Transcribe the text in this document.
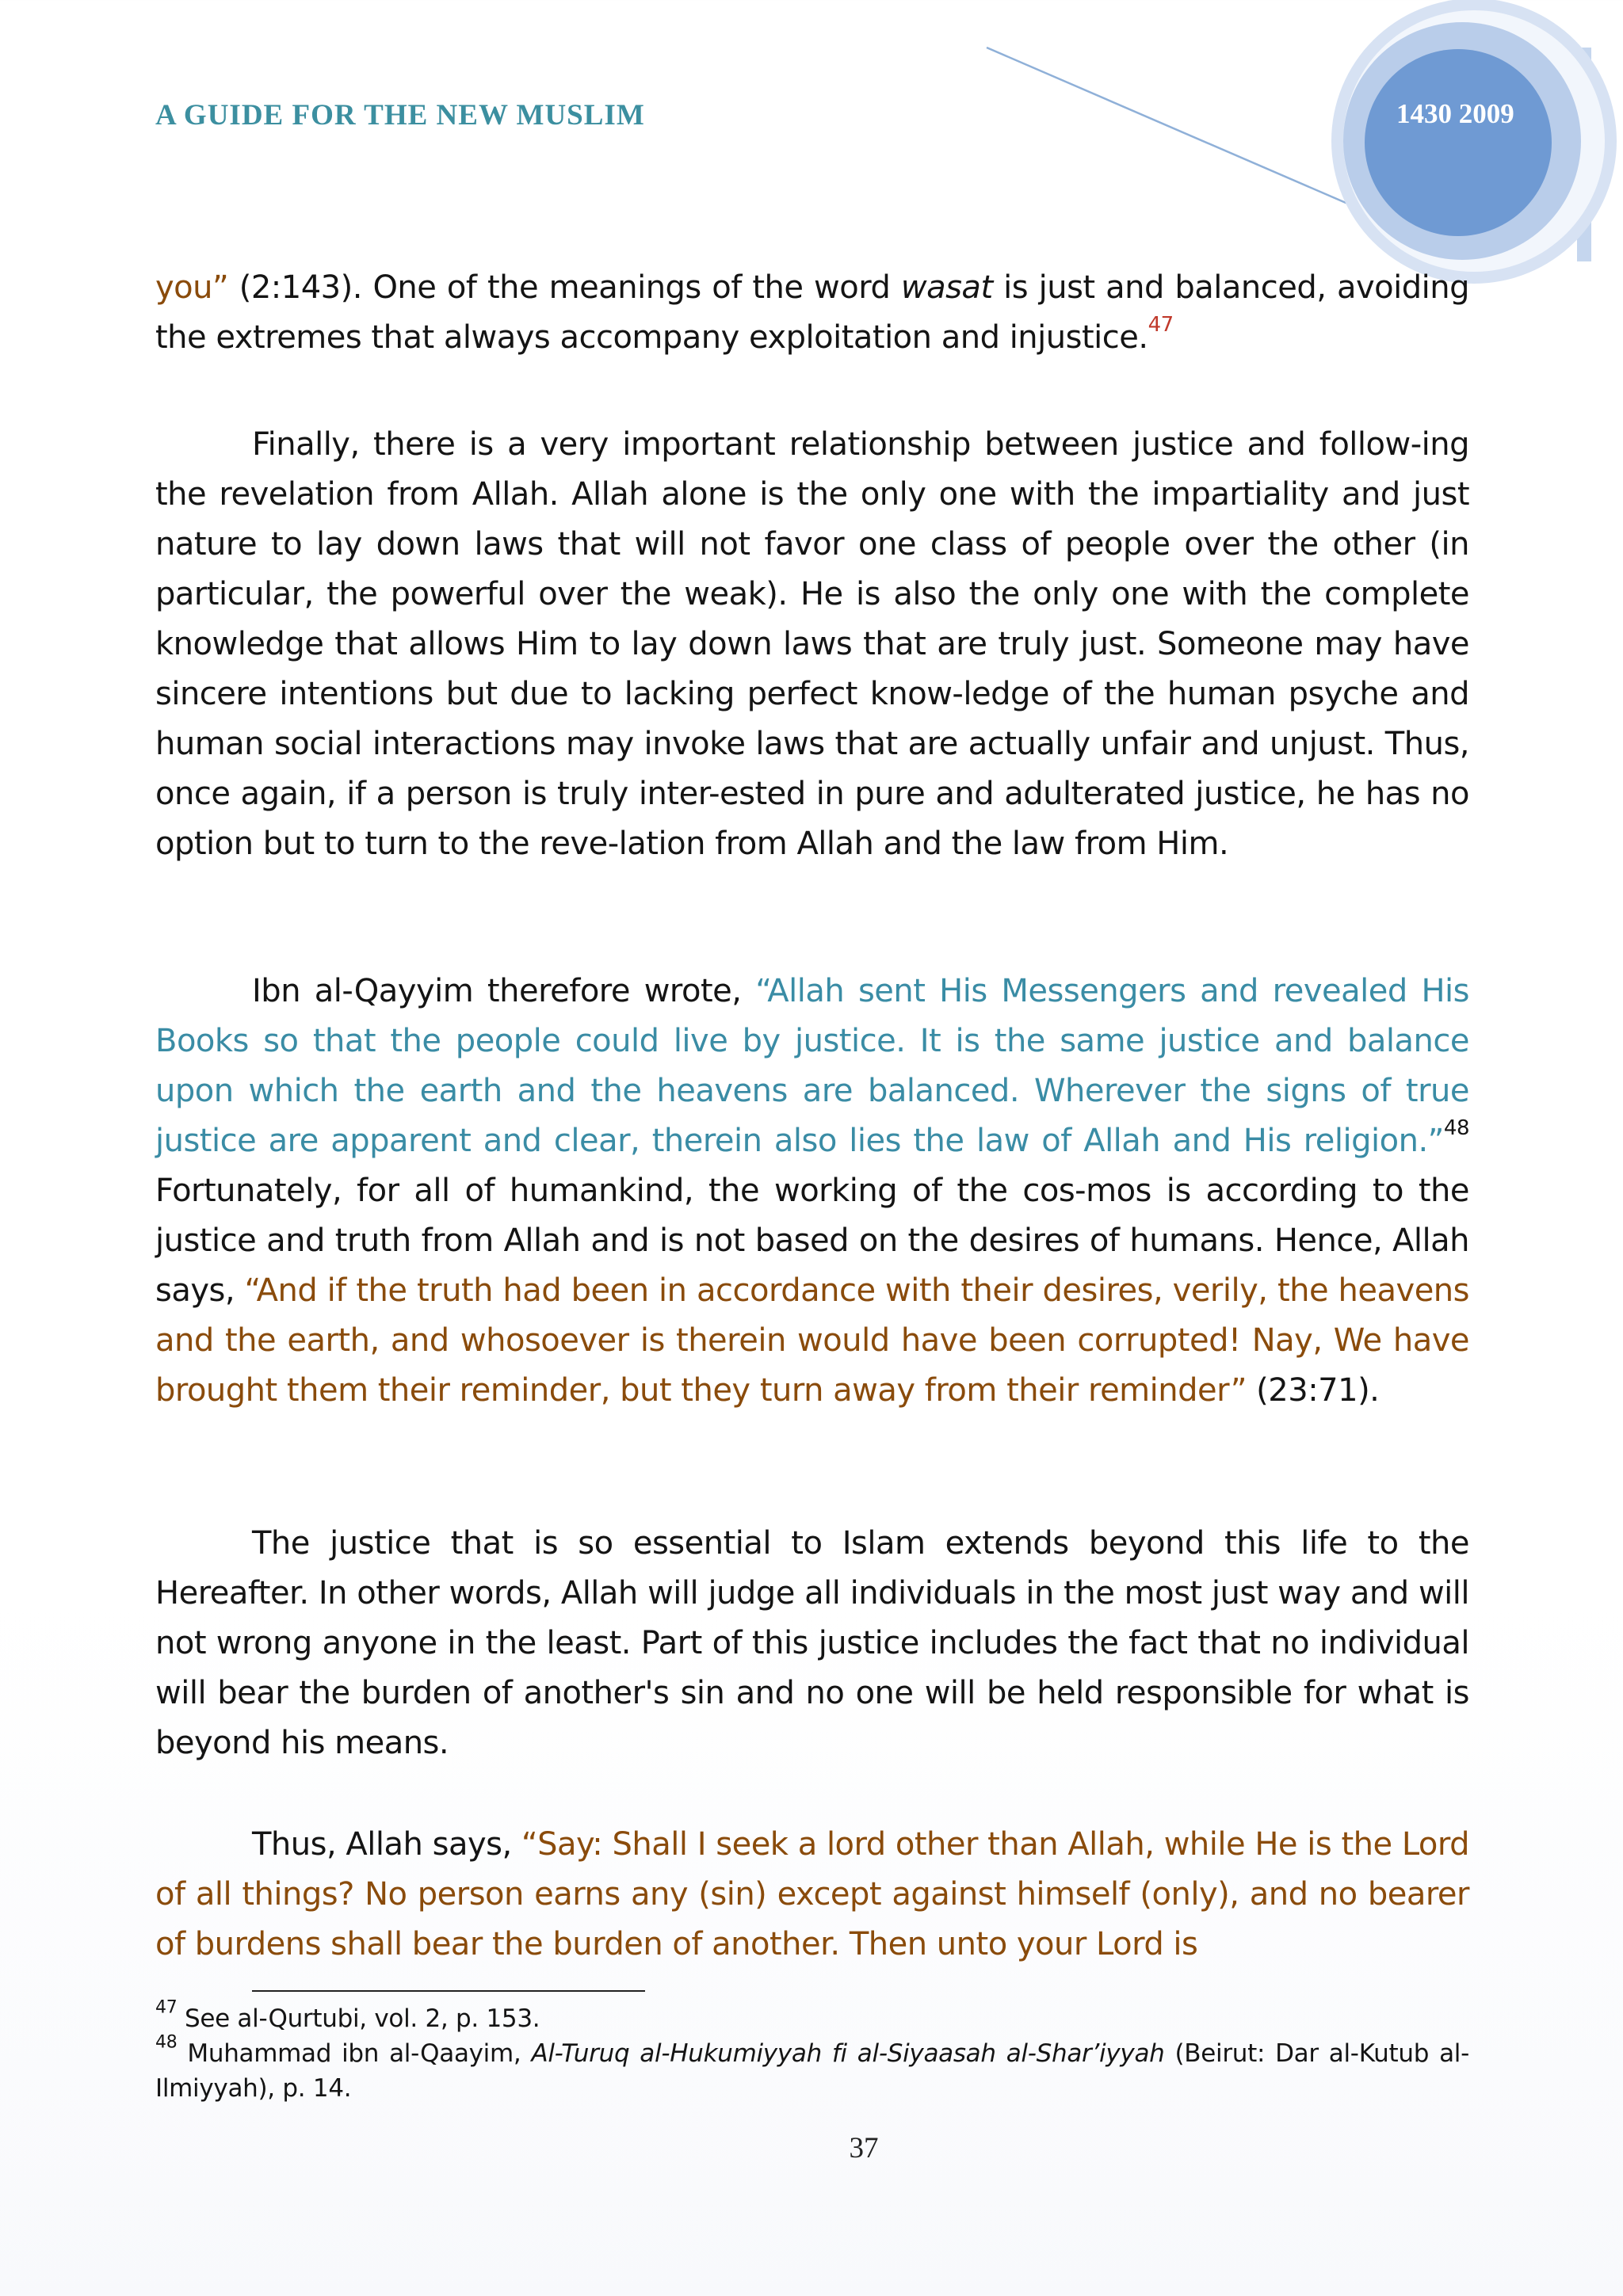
A GUIDE FOR THE NEW MUSLIM	1430 2009

you” (2:143). One of the meanings of the word wasat is just and balanced, avoiding the extremes that always accompany exploitation and injustice.$^{47}$

Finally, there is a very important relationship between justice and follow-ing the revelation from Allah. Allah alone is the only one with the impartiality and just nature to lay down laws that will not favor one class of people over the other (in particular, the powerful over the weak). He is also the only one with the complete knowledge that allows Him to lay down laws that are truly just. Someone may have sincere intentions but due to lacking perfect know-ledge of the human psyche and human social interactions may invoke laws that are actually unfair and unjust. Thus, once again, if a person is truly inter-ested in pure and adulterated justice, he has no option but to turn to the reve-lation from Allah and the law from Him.

Ibn al-Qayyim therefore wrote, “Allah sent His Messengers and revealed His Books so that the people could live by justice. It is the same justice and balance upon which the earth and the heavens are balanced. Wherever the signs of true justice are apparent and clear, therein also lies the law of Allah and His religion.”$^{48}$ Fortunately, for all of humankind, the working of the cos-mos is according to the justice and truth from Allah and is not based on the desires of humans. Hence, Allah says, “And if the truth had been in accordance with their desires, verily, the heavens and the earth, and whosoever is therein would have been corrupted! Nay, We have brought them their reminder, but they turn away from their reminder” (23:71).

The justice that is so essential to Islam extends beyond this life to the Hereafter. In other words, Allah will judge all individuals in the most just way and will not wrong anyone in the least. Part of this justice includes the fact that no individual will bear the burden of another's sin and no one will be held responsible for what is beyond his means.

Thus, Allah says, “Say: Shall I seek a lord other than Allah, while He is the Lord of all things? No person earns any (sin) except against himself (only), and no bearer of burdens shall bear the burden of another. Then unto your Lord is

$^{47}$ See al-Qurtubi, vol. 2, p. 153.

$^{48}$ Muhammad ibn al-Qaayim, Al-Turuq al-Hukumiyyah fi al-Siyaasah al-Shar’iyyah (Beirut: Dar al-Kutub al-Ilmiyyah), p. 14.

37
